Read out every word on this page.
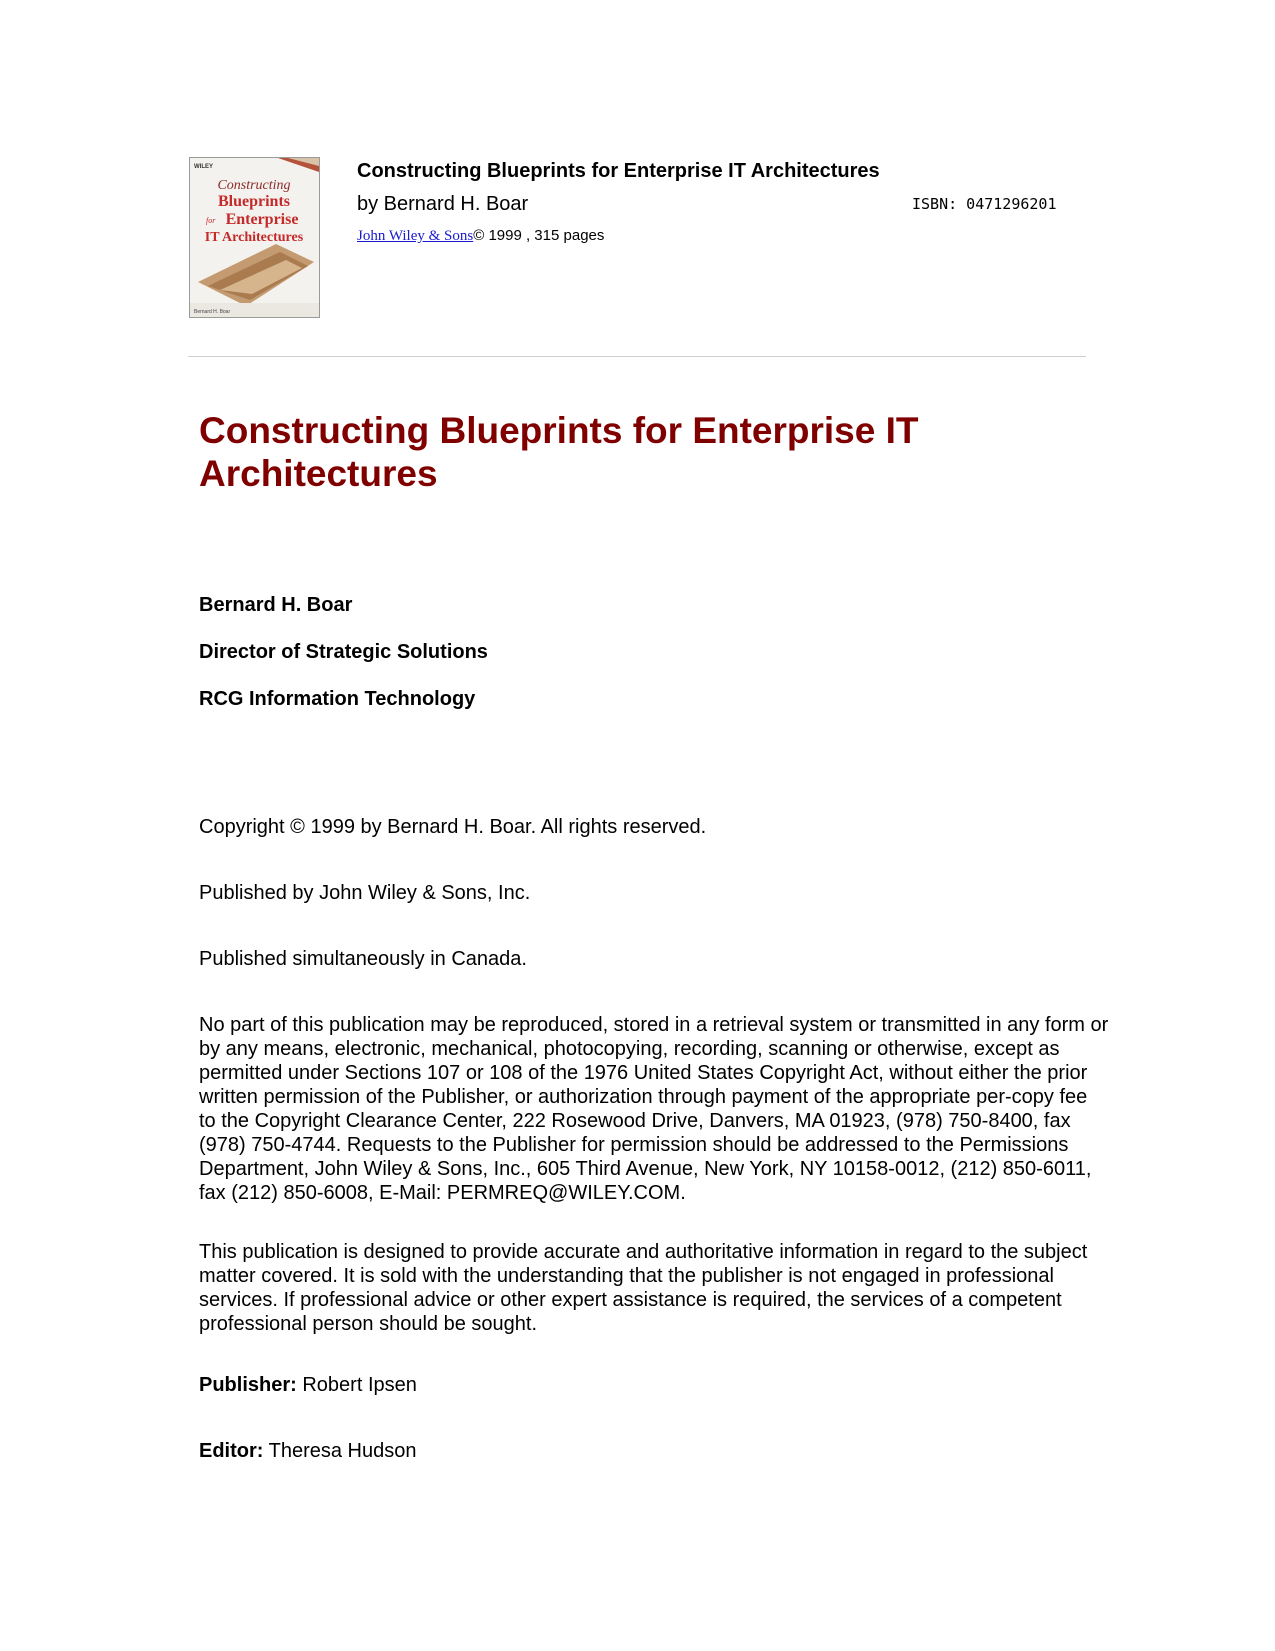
WILEY
Constructing
Blueprints
for Enterprise
IT Architectures
Bernard H. Boar
Constructing Blueprints for Enterprise IT Architectures
by Bernard H. Boar	ISBN: 0471296201
John Wiley & Sons© 1999 , 315 pages
Constructing Blueprints for Enterprise IT Architectures
Bernard H. Boar
Director of Strategic Solutions
RCG Information Technology

Copyright © 1999 by Bernard H. Boar. All rights reserved.

Published by John Wiley & Sons, Inc.

Published simultaneously in Canada.

No part of this publication may be reproduced, stored in a retrieval system or transmitted in any form or by any means, electronic, mechanical, photocopying, recording, scanning or otherwise, except as permitted under Sections 107 or 108 of the 1976 United States Copyright Act, without either the prior written permission of the Publisher, or authorization through payment of the appropriate per-copy fee to the Copyright Clearance Center, 222 Rosewood Drive, Danvers, MA 01923, (978) 750-8400, fax (978) 750-4744. Requests to the Publisher for permission should be addressed to the Permissions Department, John Wiley & Sons, Inc., 605 Third Avenue, New York, NY 10158-0012, (212) 850-6011, fax (212) 850-6008, E-Mail: PERMREQ@WILEY.COM.

This publication is designed to provide accurate and authoritative information in regard to the subject matter covered. It is sold with the understanding that the publisher is not engaged in professional services. If professional advice or other expert assistance is required, the services of a competent professional person should be sought.

Publisher: Robert Ipsen

Editor: Theresa Hudson
